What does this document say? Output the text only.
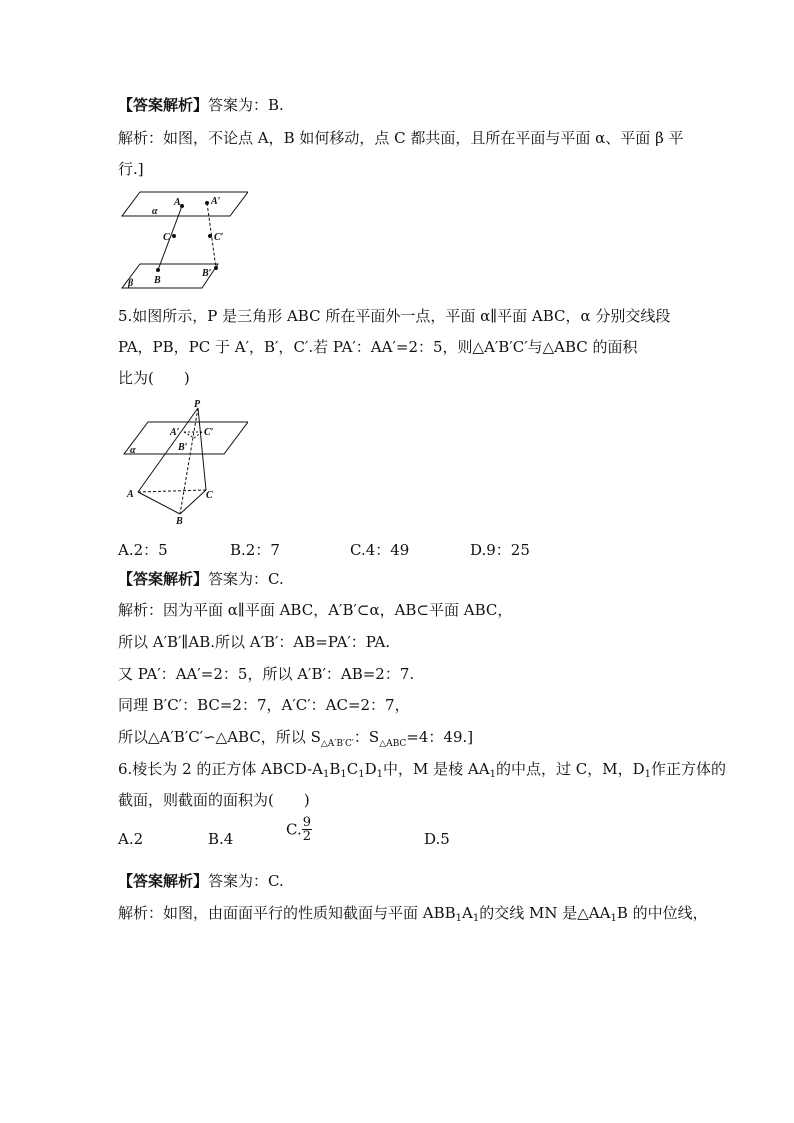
【答案解析】答案为：B.
解析：如图，不论点 A，B 如何移动，点 C 都共面，且所在平面与平面 α、平面 β 平
行.]
A	A′
C	C′
B
B′
α
β
5.如图所示，P 是三角形 ABC 所在平面外一点，平面 α∥平面 ABC，α 分别交线段
PA，PB，PC 于 A′，B′，C′.若 PA′：AA′=2：5，则△A′B′C′与△ABC 的面积
比为(　　)
P
A′ C′
B′
α
A	C
B
A.2：5	B.2：7	C.4：49	D.9：25
【答案解析】答案为：C.
解析：因为平面 α∥平面 ABC，A′B′⊂α，AB⊂平面 ABC，
所以 A′B′∥AB.所以 A′B′：AB=PA′：PA.
又 PA′：AA′=2：5，所以 A′B′：AB=2：7.
同理 B′C′：BC=2：7，A′C′：AC=2：7，
所以△A′B′C′∽△ABC，所以 $S_{\triangle A'B'C'}$：$S_{\triangle ABC}=4$：49.]
6.棱长为 2 的正方体 ABCD-$A_1B_1C_1D_1$中，M 是棱 $AA_1$的中点，过 C，M，$D_1$作正方体的
截面，则截面的面积为(　　)
A.2	B.4
C. $\frac{9}{2}$	D.5
【答案解析】答案为：C.
解析：如图，由面面平行的性质知截面与平面 $ABB_1A_1$的交线 MN 是$\triangle AA_1B$ 的中位线，
